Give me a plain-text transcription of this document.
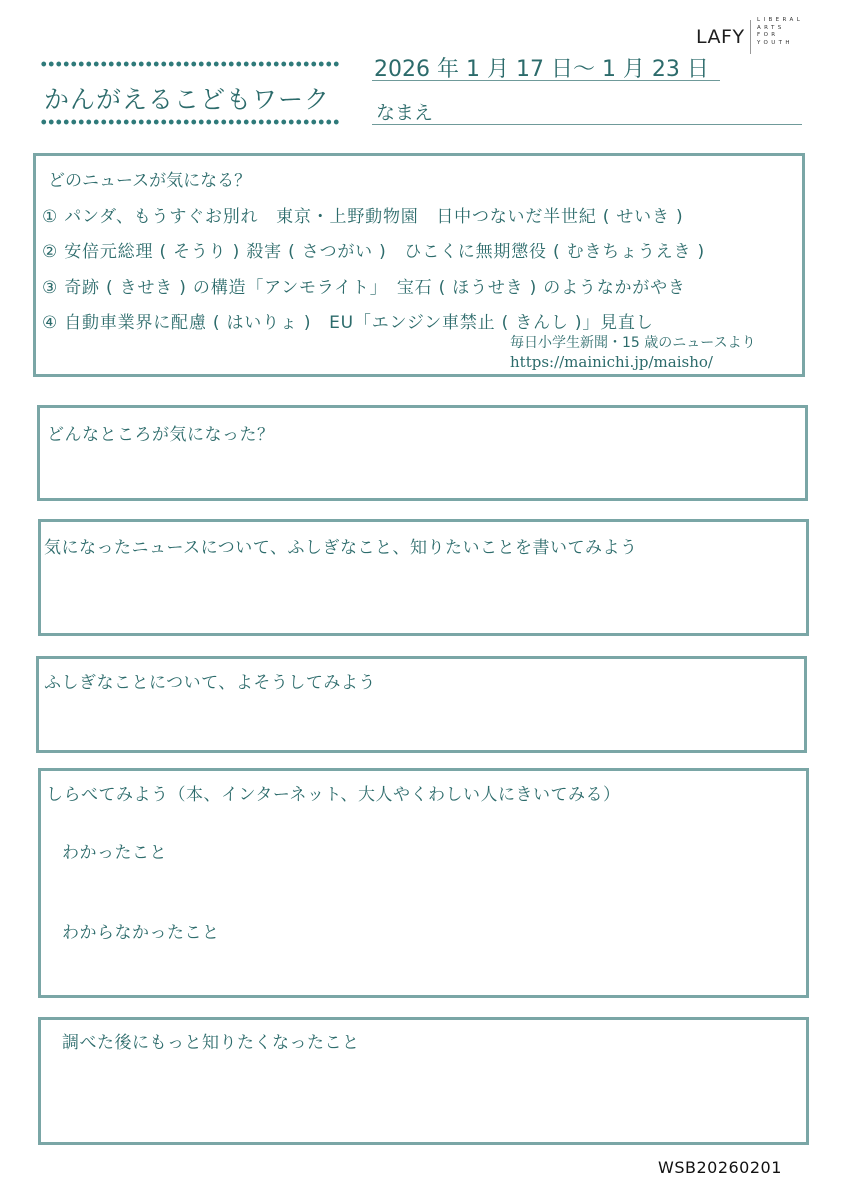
かんがえるこどもワーク
2026 年 1 月 17 日～ 1 月 23 日
なまえ
LAFY
LIBERAL
ARTS
FOR
YOUTH
どのニュースが気になる？
① パンダ、もうすぐお別れ　東京・上野動物園　日中つないだ半世紀 ( せいき )
② 安倍元総理 ( そうり ) 殺害 ( さつがい )　ひこくに無期懲役 ( むきちょうえき )
③ 奇跡 ( きせき ) の構造「アンモライト」　宝石 ( ほうせき ) のようなかがやき
④ 自動車業界に配慮 ( はいりょ )　EU「エンジン車禁止 ( きんし )」見直し
毎日小学生新聞・15 歳のニュースより
https://mainichi.jp/maisho/
どんなところが気になった？
気になったニュースについて、ふしぎなこと、知りたいことを書いてみよう
ふしぎなことについて、よそうしてみよう
しらべてみよう（本、インターネット、大人やくわしい人にきいてみる）
わかったこと
わからなかったこと
調べた後にもっと知りたくなったこと
WSB20260201
